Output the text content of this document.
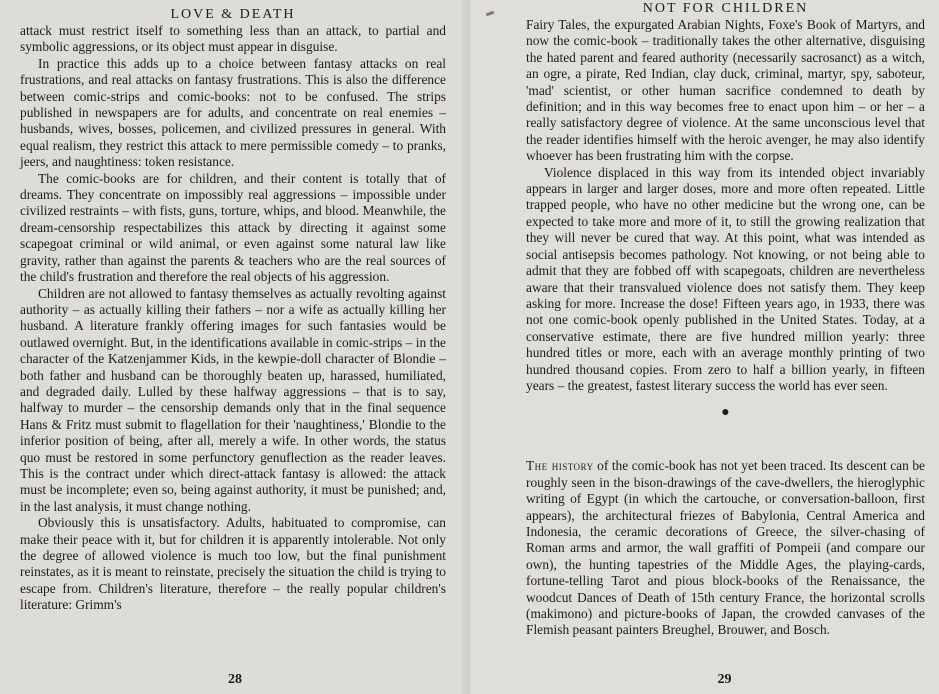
LOVE & DEATH

attack must restrict itself to something less than an attack, to partial and symbolic aggressions, or its object must appear in disguise.

In practice this adds up to a choice between fantasy attacks on real frustrations, and real attacks on fantasy frustrations. This is also the difference between comic-strips and comic-books: not to be confused. The strips published in newspapers are for adults, and concentrate on real enemies – husbands, wives, bosses, policemen, and civilized pressures in general. With equal realism, they restrict this attack to mere permissible comedy – to pranks, jeers, and naughtiness: token resistance.

The comic-books are for children, and their content is totally that of dreams. They concentrate on impossibly real aggressions – impossible under civilized restraints – with fists, guns, torture, whips, and blood. Meanwhile, the dream-censorship respectabilizes this attack by directing it against some scapegoat criminal or wild animal, or even against some natural law like gravity, rather than against the parents & teachers who are the real sources of the child's frustration and therefore the real objects of his aggression.

Children are not allowed to fantasy themselves as actually revolting against authority – as actually killing their fathers – nor a wife as actually killing her husband. A literature frankly offering images for such fantasies would be outlawed overnight. But, in the identifications available in comic-strips – in the character of the Katzenjammer Kids, in the kewpie-doll character of Blondie – both father and husband can be thoroughly beaten up, harassed, humiliated, and degraded daily. Lulled by these halfway aggressions – that is to say, halfway to murder – the censorship demands only that in the final sequence Hans & Fritz must submit to flagellation for their 'naughtiness,' Blondie to the inferior position of being, after all, merely a wife. In other words, the status quo must be restored in some perfunctory genuflection as the reader leaves. This is the contract under which direct-attack fantasy is allowed: the attack must be incomplete; even so, being against authority, it must be punished; and, in the last analysis, it must change nothing.

Obviously this is unsatisfactory. Adults, habituated to compromise, can make their peace with it, but for children it is apparently intolerable. Not only the degree of allowed violence is much too low, but the final punishment reinstates, as it is meant to reinstate, precisely the situation the child is trying to escape from. Children's literature, therefore – the really popular children's literature: Grimm's

28
NOT FOR CHILDREN

Fairy Tales, the expurgated Arabian Nights, Foxe's Book of Martyrs, and now the comic-book – traditionally takes the other alternative, disguising the hated parent and feared authority (necessarily sacrosanct) as a witch, an ogre, a pirate, Red Indian, clay duck, criminal, martyr, spy, saboteur, 'mad' scientist, or other human sacrifice condemned to death by definition; and in this way becomes free to enact upon him – or her – a really satisfactory degree of violence. At the same unconscious level that the reader identifies himself with the heroic avenger, he may also identify whoever has been frustrating him with the corpse.

Violence displaced in this way from its intended object invariably appears in larger and larger doses, more and more often repeated. Little trapped people, who have no other medicine but the wrong one, can be expected to take more and more of it, to still the growing realization that they will never be cured that way. At this point, what was intended as social antisepsis becomes pathology. Not knowing, or not being able to admit that they are fobbed off with scapegoats, children are nevertheless aware that their transvalued violence does not satisfy them. They keep asking for more. Increase the dose! Fifteen years ago, in 1933, there was not one comic-book openly published in the United States. Today, at a conservative estimate, there are five hundred million yearly: three hundred titles or more, each with an average monthly printing of two hundred thousand copies. From zero to half a billion yearly, in fifteen years – the greatest, fastest literary success the world has ever seen.

●

The history of the comic-book has not yet been traced. Its descent can be roughly seen in the bison-drawings of the cave-dwellers, the hieroglyphic writing of Egypt (in which the cartouche, or conversation-balloon, first appears), the architectural friezes of Babylonia, Central America and Indonesia, the ceramic decorations of Greece, the silver-chasing of Roman arms and armor, the wall graffiti of Pompeii (and compare our own), the hunting tapestries of the Middle Ages, the playing-cards, fortune-telling Tarot and pious block-books of the Renaissance, the woodcut Dances of Death of 15th century France, the horizontal scrolls (makimono) and picture-books of Japan, the crowded canvases of the Flemish peasant painters Breughel, Brouwer, and Bosch.

29
